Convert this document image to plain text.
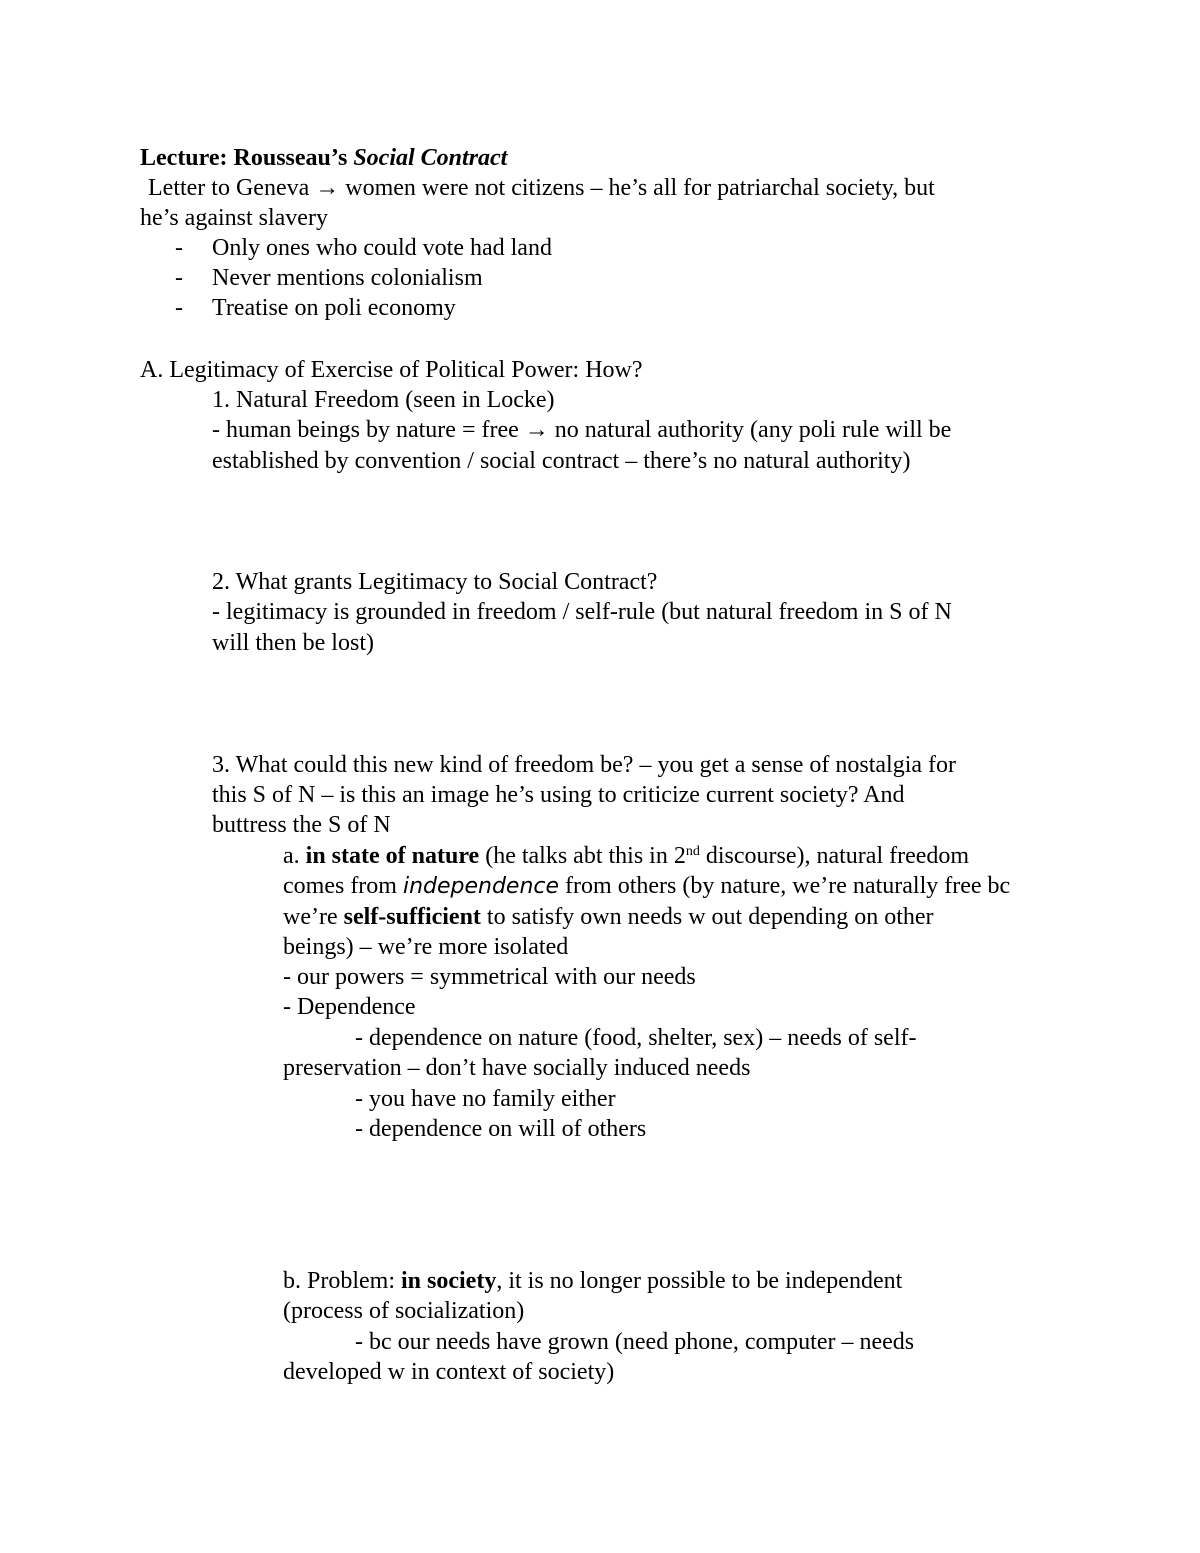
Lecture: Rousseau’s Social Contract
Letter to Geneva → women were not citizens – he’s all for patriarchal society, but
he’s against slavery
- Only ones who could vote had land
- Never mentions colonialism
- Treatise on poli economy
A. Legitimacy of Exercise of Political Power: How?
1. Natural Freedom (seen in Locke)
- human beings by nature = free → no natural authority (any poli rule will be
established by convention / social contract – there’s no natural authority)
2. What grants Legitimacy to Social Contract?
- legitimacy is grounded in freedom / self-rule (but natural freedom in S of N
will then be lost)
3. What could this new kind of freedom be? – you get a sense of nostalgia for
this S of N – is this an image he’s using to criticize current society? And
buttress the S of N
a. in state of nature (he talks abt this in 2nd discourse), natural freedom
comes from independence from others (by nature, we’re naturally free bc
we’re self-sufficient to satisfy own needs w out depending on other
beings) – we’re more isolated
- our powers = symmetrical with our needs
- Dependence
- dependence on nature (food, shelter, sex) – needs of self-
preservation – don’t have socially induced needs
- you have no family either
- dependence on will of others
b. Problem: in society, it is no longer possible to be independent
(process of socialization)
- bc our needs have grown (need phone, computer – needs
developed w in context of society)
